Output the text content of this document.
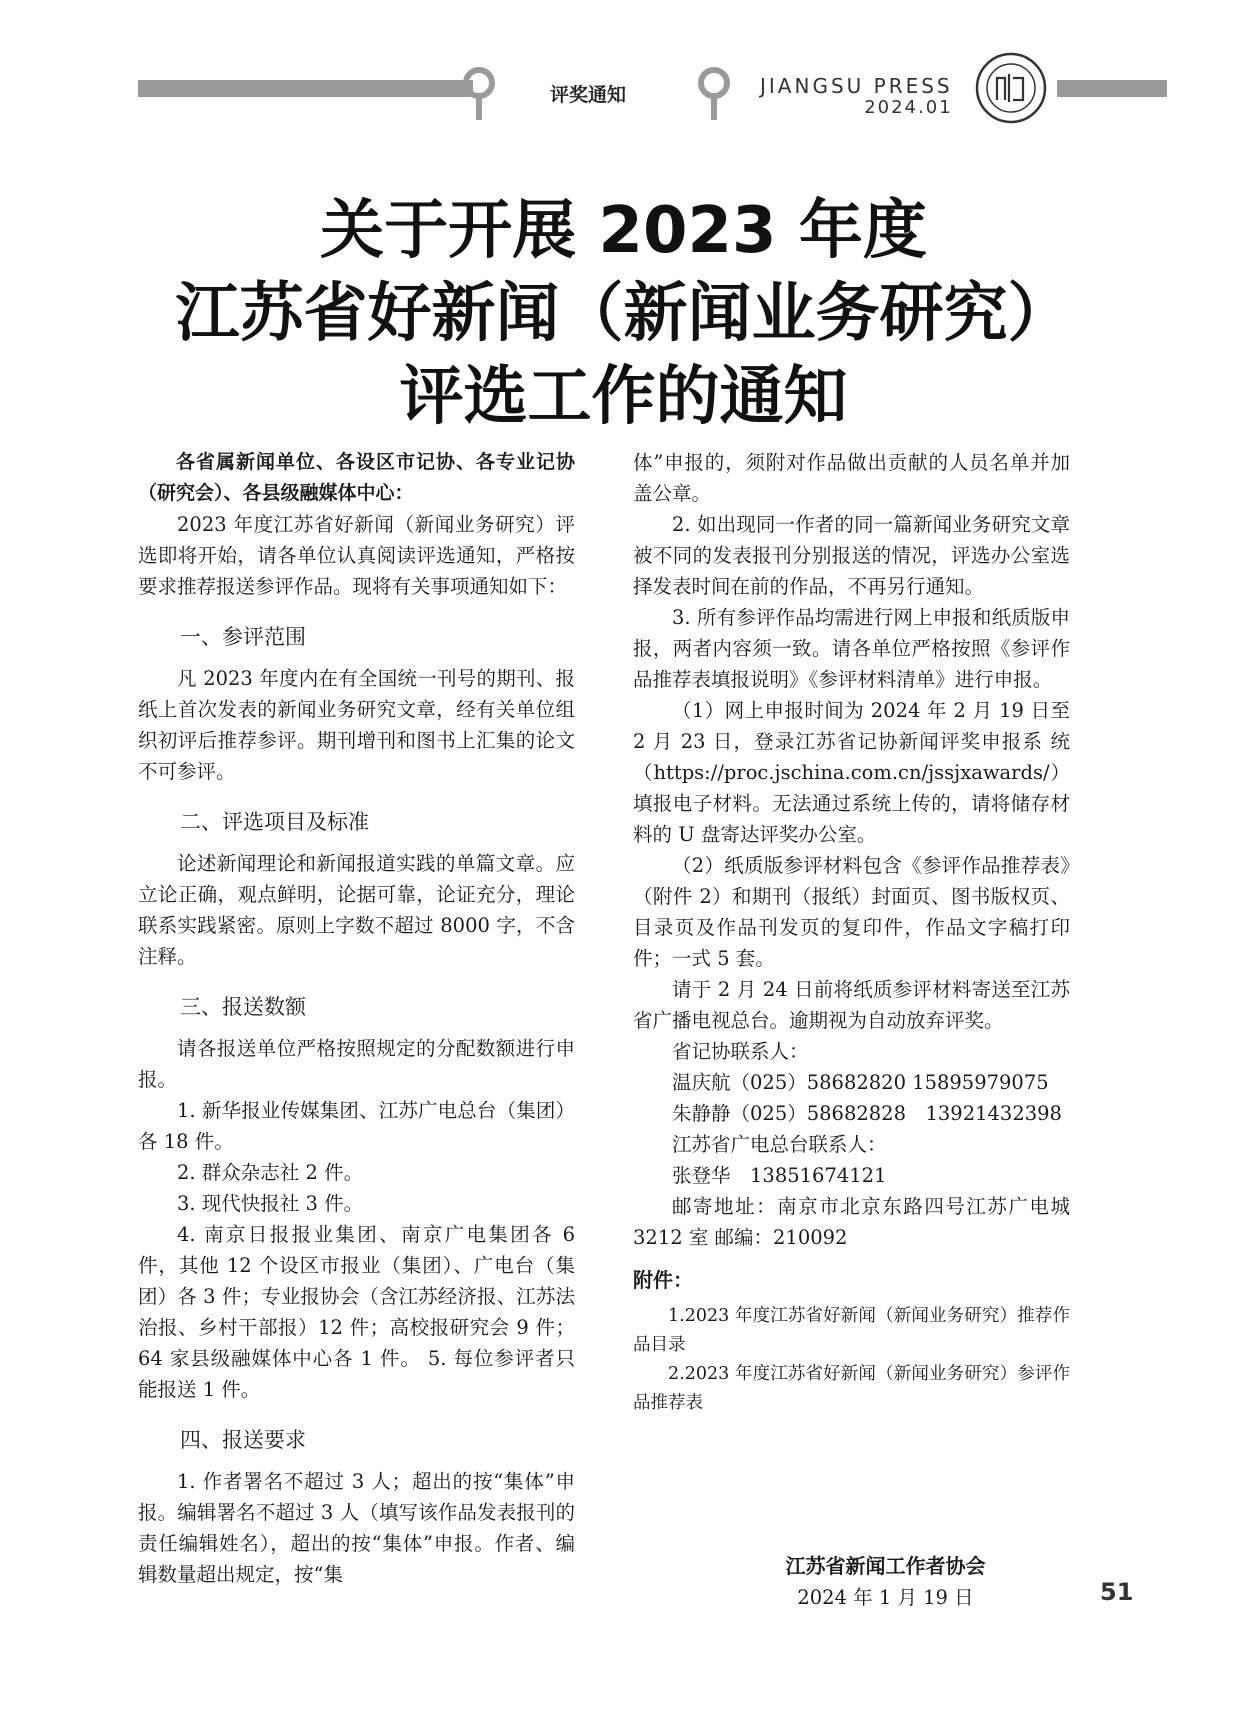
评奖通知	JIANGSU PRESS
2024.01
关于开展 2023 年度
江苏省好新闻（新闻业务研究）
评选工作的通知

各省属新闻单位、各设区市记协、各专业记协（研究会）、各县级融媒体中心：

2023 年度江苏省好新闻（新闻业务研究）评选即将开始，请各单位认真阅读评选通知，严格按要求推荐报送参评作品。现将有关事项通知如下：

一、参评范围

凡 2023 年度内在有全国统一刊号的期刊、报纸上首次发表的新闻业务研究文章，经有关单位组织初评后推荐参评。期刊增刊和图书上汇集的论文不可参评。

二、评选项目及标准

论述新闻理论和新闻报道实践的单篇文章。应立论正确，观点鲜明，论据可靠，论证充分，理论联系实践紧密。原则上字数不超过 8000 字，不含注释。

三、报送数额

请各报送单位严格按照规定的分配数额进行申报。

1. 新华报业传媒集团、江苏广电总台（集团）各 18 件。

2. 群众杂志社 2 件。

3. 现代快报社 3 件。

4. 南京日报报业集团、南京广电集团各 6 件，其他 12 个设区市报业（集团）、广电台（集团）各 3 件；专业报协会（含江苏经济报、江苏法治报、乡村干部报）12 件；高校报研究会 9 件；64 家县级融媒体中心各 1 件。 5. 每位参评者只能报送 1 件。

四、报送要求

1. 作者署名不超过 3 人；超出的按“集体”申报。编辑署名不超过 3 人（填写该作品发表报刊的责任编辑姓名），超出的按“集体”申报。作者、编辑数量超出规定，按“集

体”申报的，须附对作品做出贡献的人员名单并加盖公章。

2. 如出现同一作者的同一篇新闻业务研究文章被不同的发表报刊分别报送的情况，评选办公室选择发表时间在前的作品，不再另行通知。

3. 所有参评作品均需进行网上申报和纸质版申报，两者内容须一致。请各单位严格按照《参评作品推荐表填报说明》《参评材料清单》进行申报。

（1）网上申报时间为 2024 年 2 月 19 日至 2 月 23 日，登录江苏省记协新闻评奖申报系 统（https://proc.jschina.com.cn/jssjxawards/）填报电子材料。无法通过系统上传的，请将储存材料的 U 盘寄达评奖办公室。

（2）纸质版参评材料包含《参评作品推荐表》（附件 2）和期刊（报纸）封面页、图书版权页、目录页及作品刊发页的复印件，作品文字稿打印件；一式 5 套。

请于 2 月 24 日前将纸质参评材料寄送至江苏省广播电视总台。逾期视为自动放弃评奖。

省记协联系人：

温庆航（025）58682820 15895979075

朱静静（025）58682828　13921432398

江苏省广电总台联系人：

张登华　13851674121

邮寄地址：南京市北京东路四号江苏广电城 3212 室 邮编：210092

附件：

1.2023 年度江苏省好新闻（新闻业务研究）推荐作品目录

2.2023 年度江苏省好新闻（新闻业务研究）参评作品推荐表

江苏省新闻工作者协会
2024 年 1 月 19 日	51
